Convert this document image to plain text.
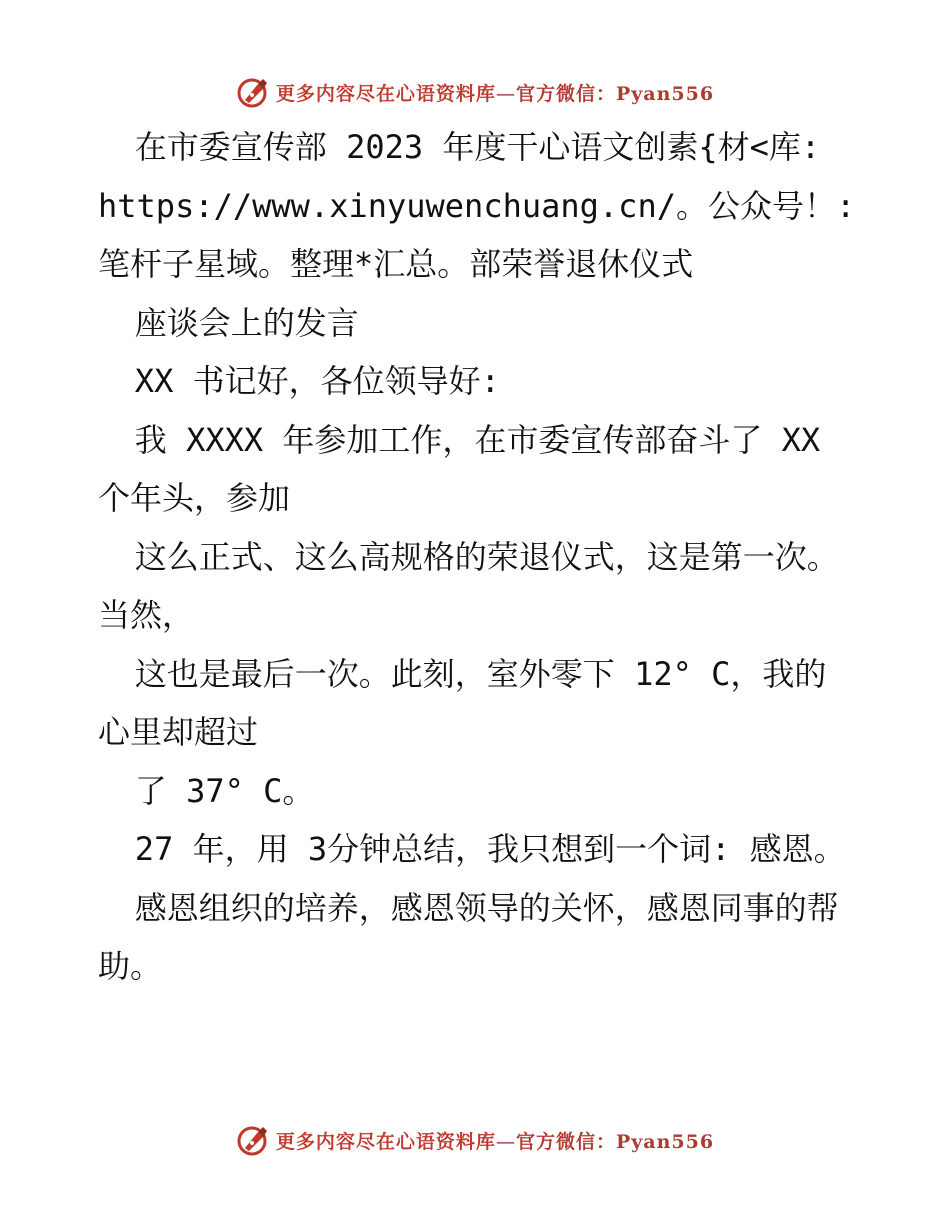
更多内容尽在心语资料库—官方微信：Pyan556

在市委宣传部 2023 年度干心语文创素{材<库: https://www.xinyuwenchuang.cn/。公众号！: 笔杆子星域。整理*汇总。部荣誉退休仪式

座谈会上的发言

XX 书记好，各位领导好:

我 XXXX 年参加工作，在市委宣传部奋斗了 XX 个年头，参加

这么正式、这么高规格的荣退仪式，这是第一次。当然，

这也是最后一次。此刻，室外零下 12° C，我的心里却超过

了 37° C。

27 年，用 3分钟总结，我只想到一个词: 感恩。

感恩组织的培养，感恩领导的关怀，感恩同事的帮助。

更多内容尽在心语资料库—官方微信：Pyan556
